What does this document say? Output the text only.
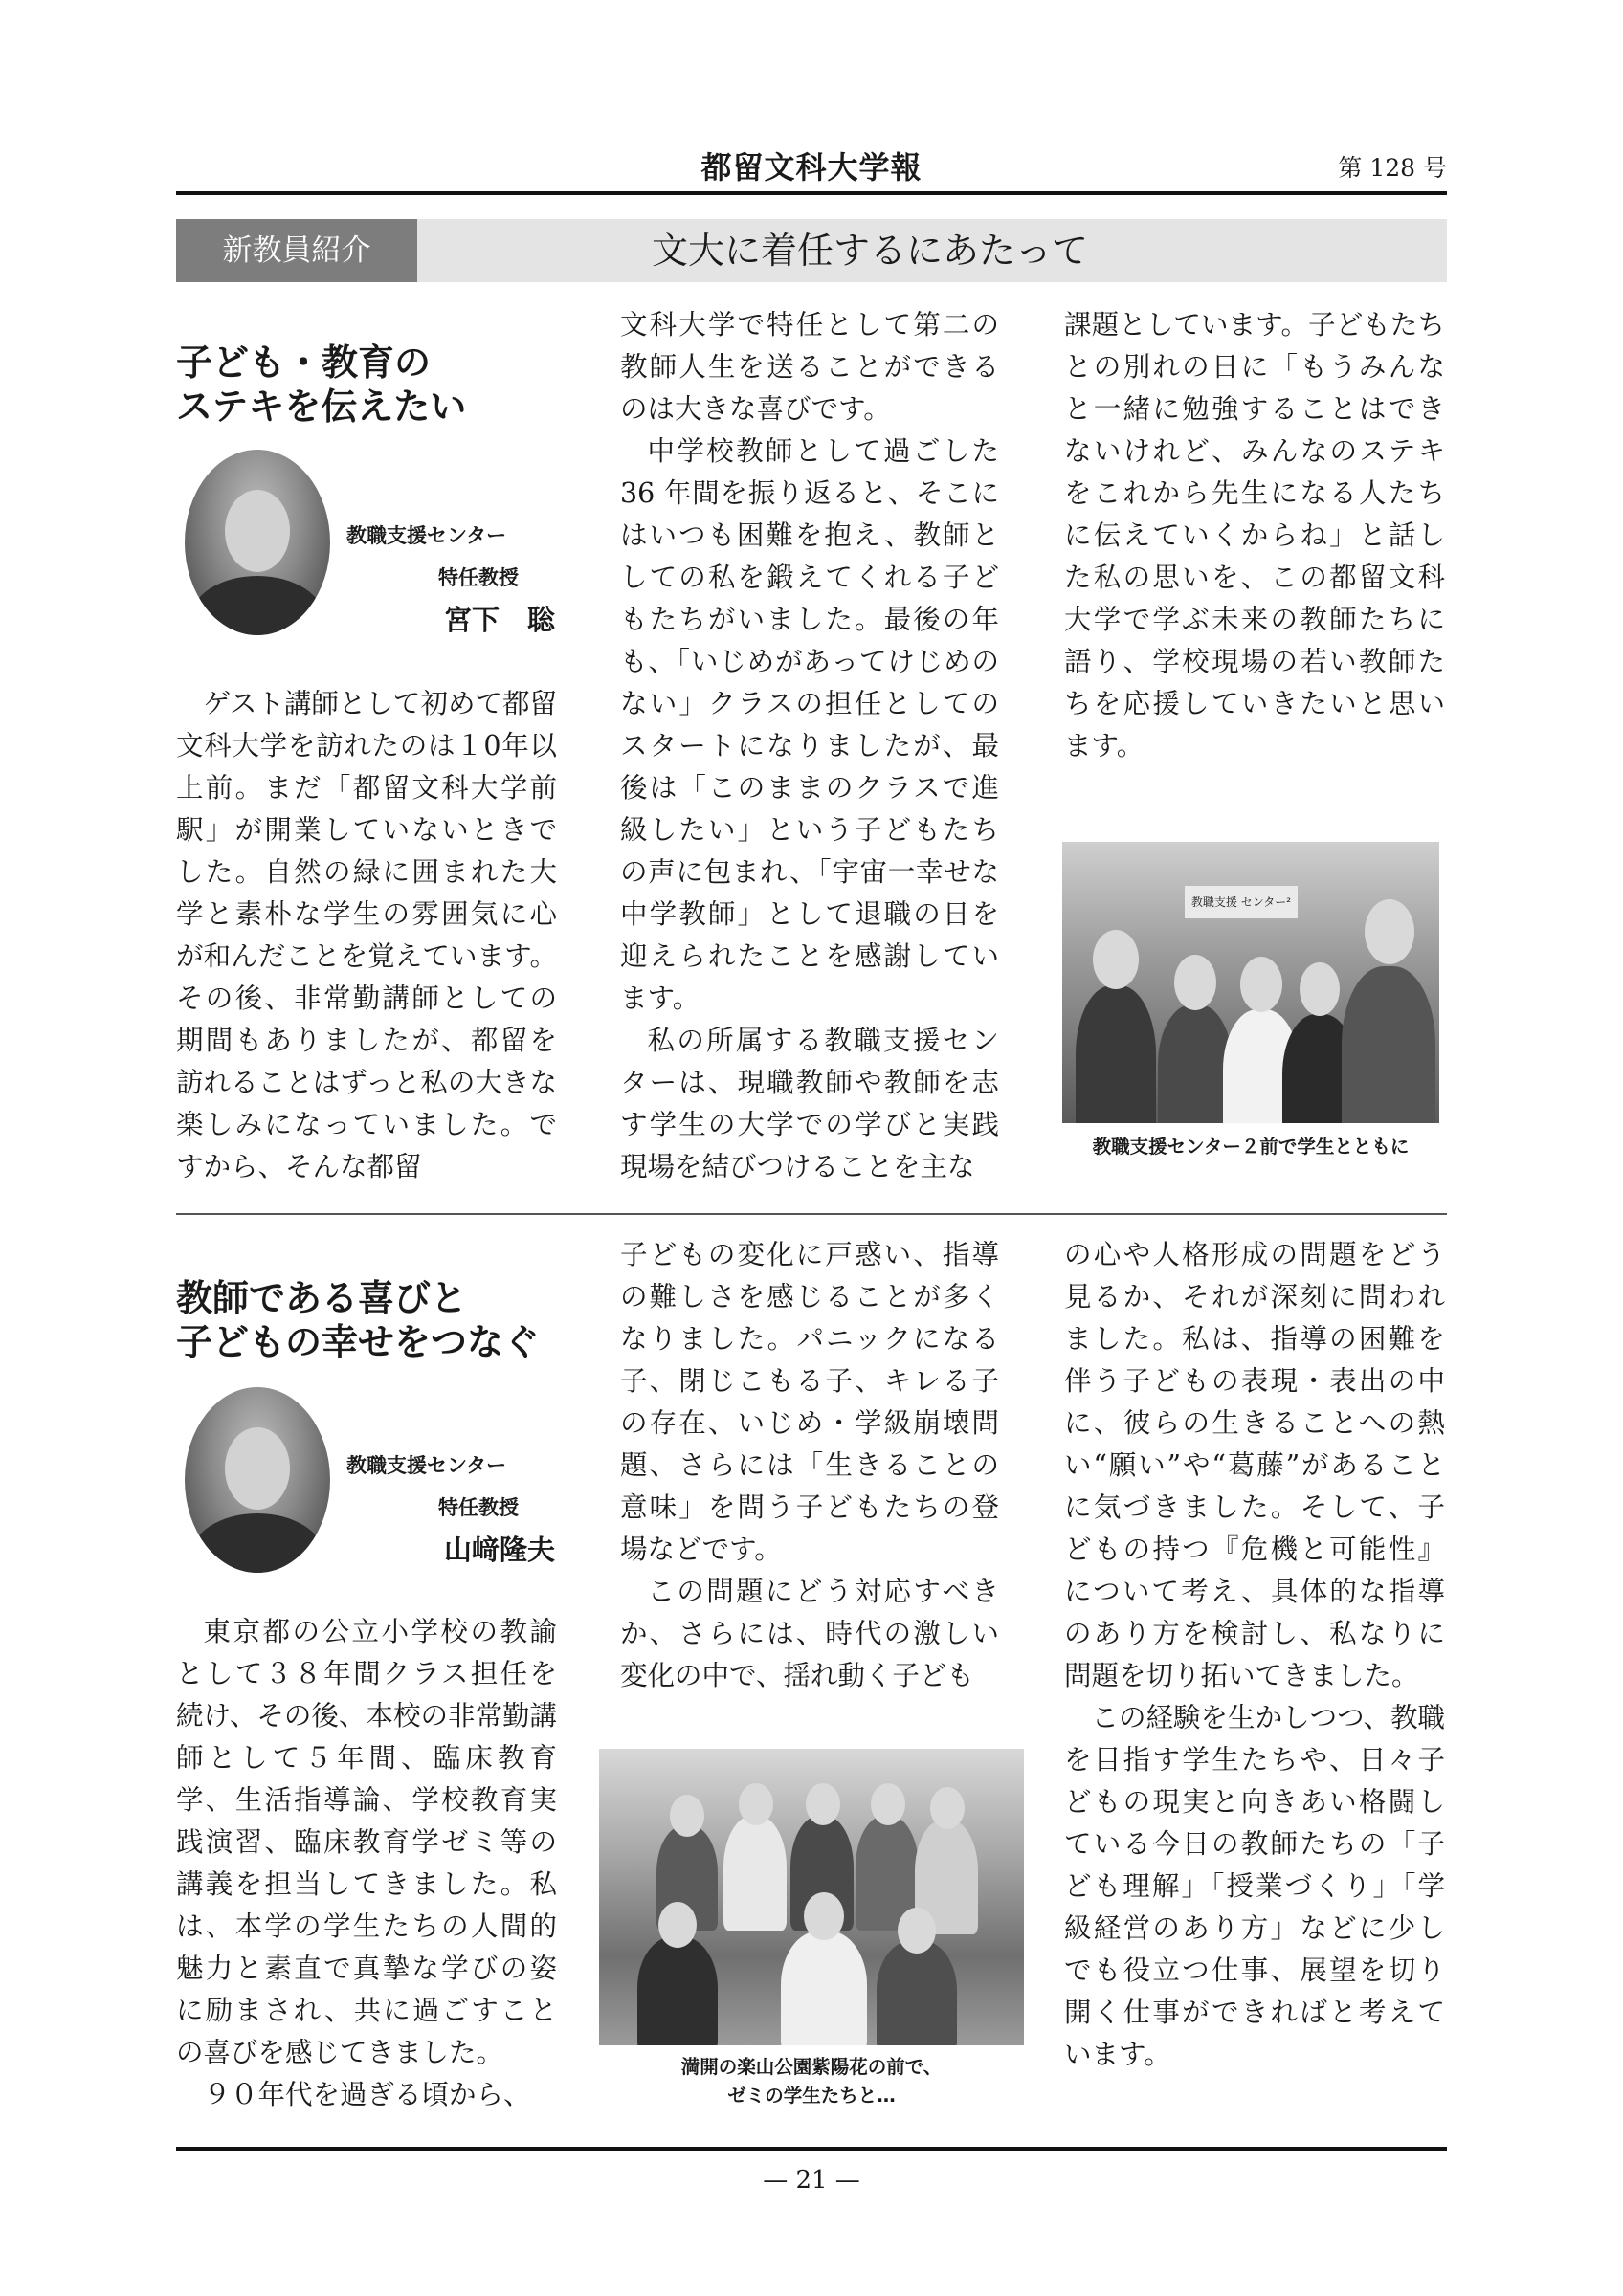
都留文科大学報	第 128 号
新教員紹介	文大に着任するにあたって
子ども・教育の
ステキを伝えたい
教職支援センター
特任教授
宮下　聡

ゲスト講師として初めて都留文科大学を訪れたのは１0年以上前。まだ「都留文科大学前駅」が開業していないときでした。自然の緑に囲まれた大学と素朴な学生の雰囲気に心が和んだことを覚えています。その後、非常勤講師としての期間もありましたが、都留を訪れることはずっと私の大きな楽しみになっていました。ですから、そんな都留

文科大学で特任として第二の教師人生を送ることができるのは大きな喜びです。

中学校教師として過ごした 36 年間を振り返ると、そこにはいつも困難を抱え、教師としての私を鍛えてくれる子どもたちがいました。最後の年も、「いじめがあってけじめのない」クラスの担任としてのスタートになりましたが、最後は「このままのクラスで進級したい」という子どもたちの声に包まれ、「宇宙一幸せな中学教師」として退職の日を迎えられたことを感謝しています。

私の所属する教職支援センターは、現職教師や教師を志す学生の大学での学びと実践現場を結びつけることを主な

課題としています。子どもたちとの別れの日に「もうみんなと一緒に勉強することはできないけれど、みんなのステキをこれから先生になる人たちに伝えていくからね」と話した私の思いを、この都留文科大学で学ぶ未来の教師たちに語り、学校現場の若い教師たちを応援していきたいと思います。

教職支援 センター²
教職支援センター２前で学生とともに
教師である喜びと
子どもの幸せをつなぐ
教職支援センター
特任教授
山﨑隆夫

東京都の公立小学校の教諭として３８年間クラス担任を続け、その後、本校の非常勤講師として５年間、臨床教育学、生活指導論、学校教育実践演習、臨床教育学ゼミ等の講義を担当してきました。私は、本学の学生たちの人間的魅力と素直で真摯な学びの姿に励まされ、共に過ごすことの喜びを感じてきました。

９０年代を過ぎる頃から、

子どもの変化に戸惑い、指導の難しさを感じることが多くなりました。パニックになる子、閉じこもる子、キレる子の存在、いじめ・学級崩壊問題、さらには「生きることの意味」を問う子どもたちの登場などです。

この問題にどう対応すべきか、さらには、時代の激しい変化の中で、揺れ動く子ども

満開の楽山公園紫陽花の前で、
ゼミの学生たちと…

の心や人格形成の問題をどう見るか、それが深刻に問われました。私は、指導の困難を伴う子どもの表現・表出の中に、彼らの生きることへの熱い“願い”や“葛藤”があることに気づきました。そして、子どもの持つ『危機と可能性』について考え、具体的な指導のあり方を検討し、私なりに問題を切り拓いてきました。

この経験を生かしつつ、教職を目指す学生たちや、日々子どもの現実と向きあい格闘している今日の教師たちの「子ども理解」「授業づくり」「学級経営のあり方」などに少しでも役立つ仕事、展望を切り開く仕事ができればと考えています。

— 21 —
